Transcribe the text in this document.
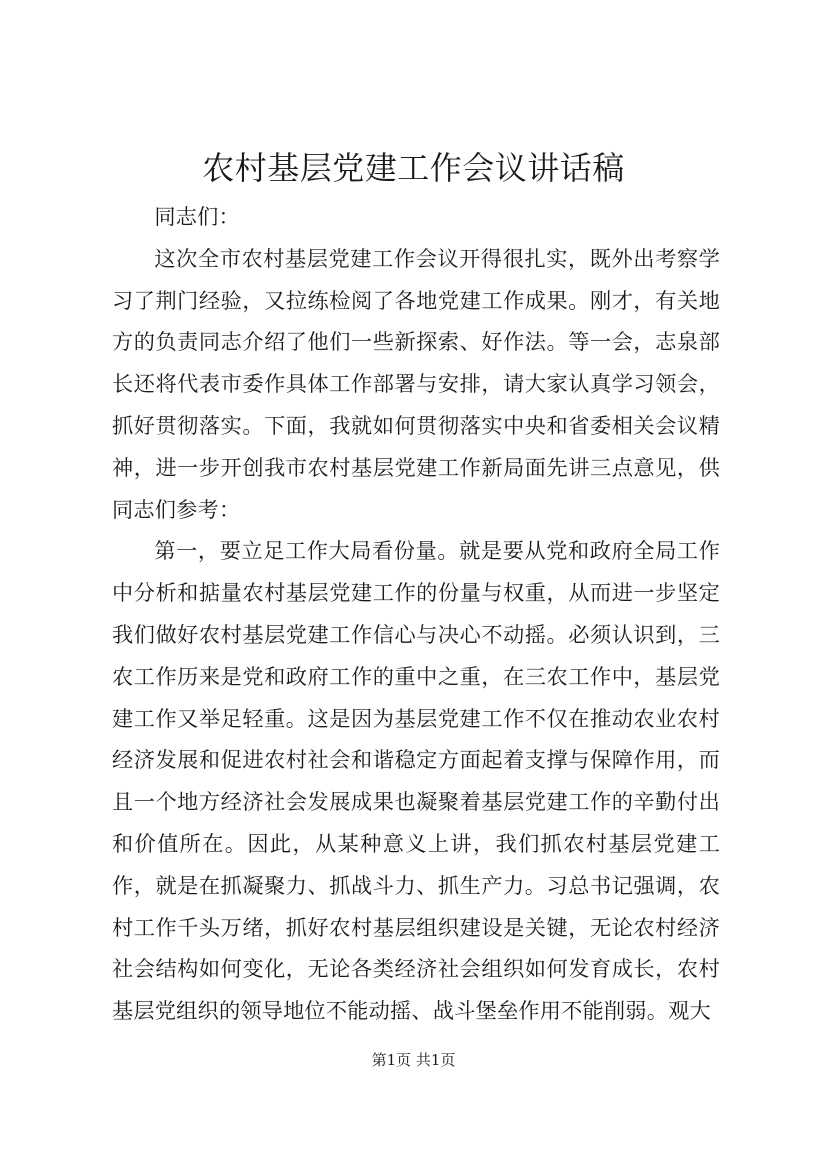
农村基层党建工作会议讲话稿

同志们：

这次全市农村基层党建工作会议开得很扎实，既外出考察学习了荆门经验，又拉练检阅了各地党建工作成果。刚才，有关地方的负责同志介绍了他们一些新探索、好作法。等一会，志泉部长还将代表市委作具体工作部署与安排，请大家认真学习领会，抓好贯彻落实。下面，我就如何贯彻落实中央和省委相关会议精神，进一步开创我市农村基层党建工作新局面先讲三点意见，供同志们参考：

第一，要立足工作大局看份量。就是要从党和政府全局工作中分析和掂量农村基层党建工作的份量与权重，从而进一步坚定我们做好农村基层党建工作信心与决心不动摇。必须认识到，三农工作历来是党和政府工作的重中之重，在三农工作中，基层党建工作又举足轻重。这是因为基层党建工作不仅在推动农业农村经济发展和促进农村社会和谐稳定方面起着支撑与保障作用，而且一个地方经济社会发展成果也凝聚着基层党建工作的辛勤付出和价值所在。因此，从某种意义上讲，我们抓农村基层党建工作，就是在抓凝聚力、抓战斗力、抓生产力。习总书记强调，农村工作千头万绪，抓好农村基层组织建设是关键，无论农村经济社会结构如何变化，无论各类经济社会组织如何发育成长，农村基层党组织的领导地位不能动摇、战斗堡垒作用不能削弱。观大

第1页 共1页
